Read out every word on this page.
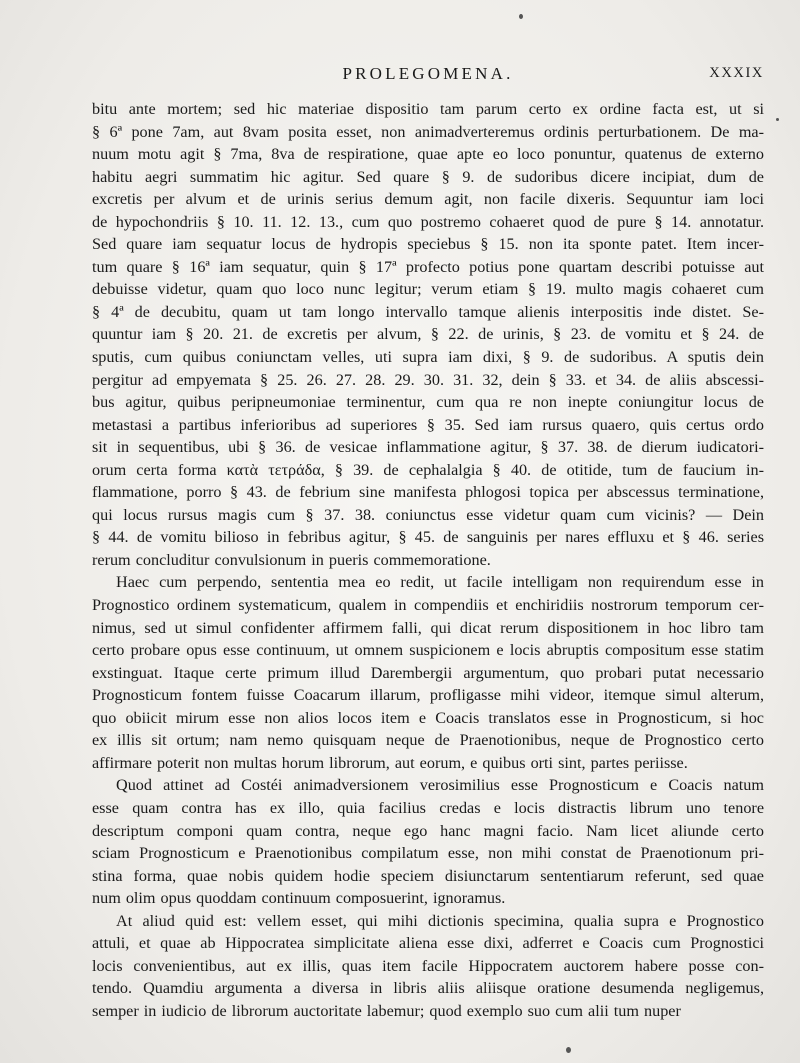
PROLEGOMENA.	XXXIX
bitu ante mortem; sed hic materiae dispositio tam parum certo ex ordine facta est, ut si
§ 6ª pone 7am, aut 8vam posita esset, non animadverteremus ordinis perturbationem. De ma-
nuum motu agit § 7ma, 8va de respiratione, quae apte eo loco ponuntur, quatenus de externo
habitu aegri summatim hic agitur. Sed quare § 9. de sudoribus dicere incipiat, dum de
excretis per alvum et de urinis serius demum agit, non facile dixeris. Sequuntur iam loci
de hypochondriis § 10. 11. 12. 13., cum quo postremo cohaeret quod de pure § 14. annotatur.
Sed quare iam sequatur locus de hydropis speciebus § 15. non ita sponte patet. Item incer-
tum quare § 16ª iam sequatur, quin § 17ª profecto potius pone quartam describi potuisse aut
debuisse videtur, quam quo loco nunc legitur; verum etiam § 19. multo magis cohaeret cum
§ 4ª de decubitu, quam ut tam longo intervallo tamque alienis interpositis inde distet. Se-
quuntur iam § 20. 21. de excretis per alvum, § 22. de urinis, § 23. de vomitu et § 24. de
sputis, cum quibus coniunctam velles, uti supra iam dixi, § 9. de sudoribus. A sputis dein
pergitur ad empyemata § 25. 26. 27. 28. 29. 30. 31. 32, dein § 33. et 34. de aliis abscessi-
bus agitur, quibus peripneumoniae terminentur, cum qua re non inepte coniungitur locus de
metastasi a partibus inferioribus ad superiores § 35. Sed iam rursus quaero, quis certus ordo
sit in sequentibus, ubi § 36. de vesicae inflammatione agitur, § 37. 38. de dierum iudicatori-
orum certa forma κατὰ τετράδα, § 39. de cephalalgia § 40. de otitide, tum de faucium in-
flammatione, porro § 43. de febrium sine manifesta phlogosi topica per abscessus terminatione,
qui locus rursus magis cum § 37. 38. coniunctus esse videtur quam cum vicinis? — Dein
§ 44. de vomitu bilioso in febribus agitur, § 45. de sanguinis per nares effluxu et § 46. series
rerum concluditur convulsionum in pueris commemoratione.
Haec cum perpendo, sententia mea eo redit, ut facile intelligam non requirendum esse in
Prognostico ordinem systematicum, qualem in compendiis et enchiridiis nostrorum temporum cer-
nimus, sed ut simul confidenter affirmem falli, qui dicat rerum dispositionem in hoc libro tam
certo probare opus esse continuum, ut omnem suspicionem e locis abruptis compositum esse statim
exstinguat. Itaque certe primum illud Darembergii argumentum, quo probari putat necessario
Prognosticum fontem fuisse Coacarum illarum, profligasse mihi videor, itemque simul alterum,
quo obiicit mirum esse non alios locos item e Coacis translatos esse in Prognosticum, si hoc
ex illis sit ortum; nam nemo quisquam neque de Praenotionibus, neque de Prognostico certo
affirmare poterit non multas horum librorum, aut eorum, e quibus orti sint, partes periisse.
Quod attinet ad Costéi animadversionem verosimilius esse Prognosticum e Coacis natum
esse quam contra has ex illo, quia facilius credas e locis distractis librum uno tenore
descriptum componi quam contra, neque ego hanc magni facio. Nam licet aliunde certo
sciam Prognosticum e Praenotionibus compilatum esse, non mihi constat de Praenotionum pri-
stina forma, quae nobis quidem hodie speciem disiunctarum sententiarum referunt, sed quae
num olim opus quoddam continuum composuerint, ignoramus.
At aliud quid est: vellem esset, qui mihi dictionis specimina, qualia supra e Prognostico
attuli, et quae ab Hippocratea simplicitate aliena esse dixi, adferret e Coacis cum Prognostici
locis convenientibus, aut ex illis, quas item facile Hippocratem auctorem habere posse con-
tendo. Quamdiu argumenta a diversa in libris aliis aliisque oratione desumenda negligemus,
semper in iudicio de librorum auctoritate labemur; quod exemplo suo cum alii tum nuper
